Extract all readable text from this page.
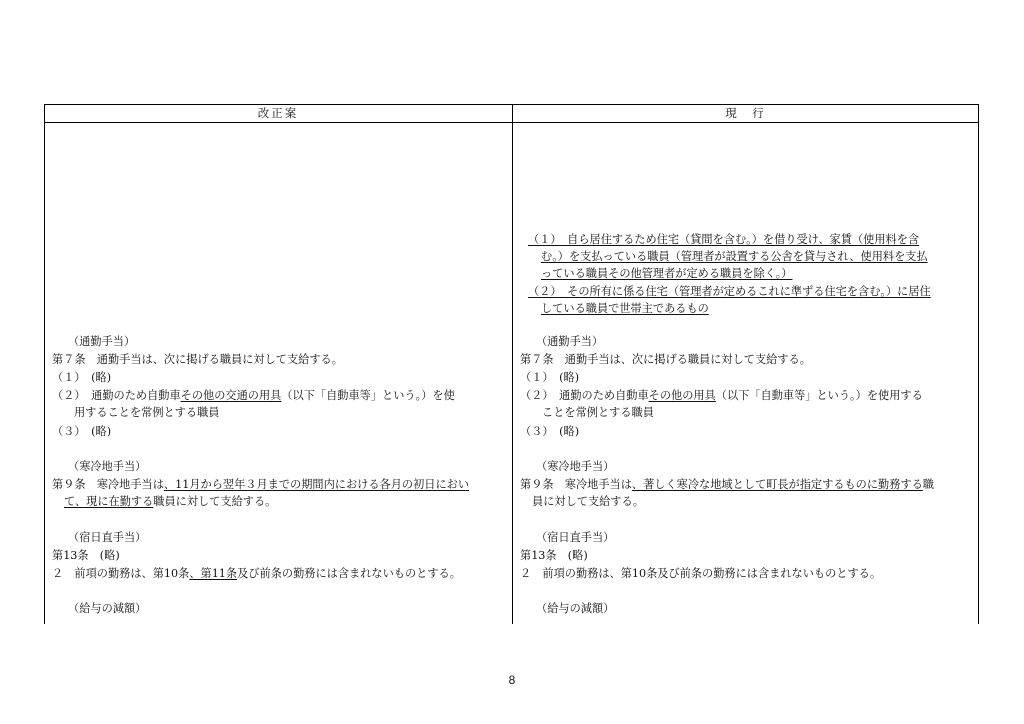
改正案	現　行
（通勤手当）
第７条　通勤手当は、次に掲げる職員に対して支給する。
（１）　(略)
（２）　通勤のため自動車その他の交通の用具（以下「自動車等」という。）を使
用することを常例とする職員
（３）　(略)
（寒冷地手当）
第９条　寒冷地手当は、11月から翌年３月までの期間内における各月の初日におい
て、現に在勤する職員に対して支給する。
（宿日直手当）
第13条　(略)
２　前項の勤務は、第10条、第11条及び前条の勤務には含まれないものとする。
（給与の減額）
（１）　自ら居住するため住宅（貸間を含む。）を借り受け、家賃（使用料を含
む。）を支払っている職員（管理者が設置する公舎を貸与され、使用料を支払
っている職員その他管理者が定める職員を除く。）
（２）　その所有に係る住宅（管理者が定めるこれに準ずる住宅を含む。）に居住
している職員で世帯主であるもの
（通勤手当）
第７条　通勤手当は、次に掲げる職員に対して支給する。
（１）　(略)
（２）　通勤のため自動車その他の用具（以下「自動車等」という。）を使用する
ことを常例とする職員
（３）　(略)
（寒冷地手当）
第９条　寒冷地手当は、著しく寒冷な地域として町長が指定するものに勤務する職
員に対して支給する。
（宿日直手当）
第13条　(略)
２　前項の勤務は、第10条及び前条の勤務には含まれないものとする。
（給与の減額）
8
